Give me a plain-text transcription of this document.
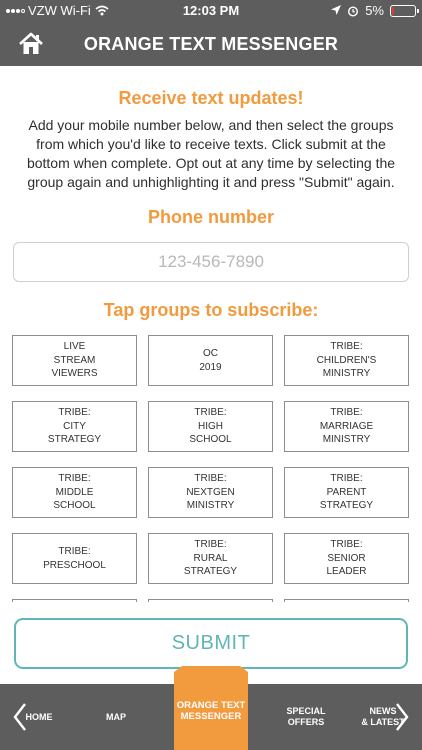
VZW Wi-Fi	12:03 PM	5%
ORANGE TEXT MESSENGER
Receive text updates!

Add your mobile number below, and then select the groups from which you'd like to receive texts. Click submit at the bottom when complete. Opt out at any time by selecting the group again and unhighlighting it and press "Submit" again.

Phone number
123-456-7890
Tap groups to subscribe:
LIVE
STREAM
VIEWERS
OC
2019
TRIBE:
CHILDREN'S
MINISTRY
TRIBE:
CITY
STRATEGY
TRIBE:
HIGH
SCHOOL
TRIBE:
MARRIAGE
MINISTRY
TRIBE:
MIDDLE
SCHOOL
TRIBE:
NEXTGEN
MINISTRY
TRIBE:
PARENT
STRATEGY
TRIBE:
PRESCHOOL
TRIBE:
RURAL
STRATEGY
TRIBE:
SENIOR
LEADER
SUBMIT
HOME	MAP
ORANGE TEXT
MESSENGER	SPECIAL
OFFERS
NEWS
& LATEST
